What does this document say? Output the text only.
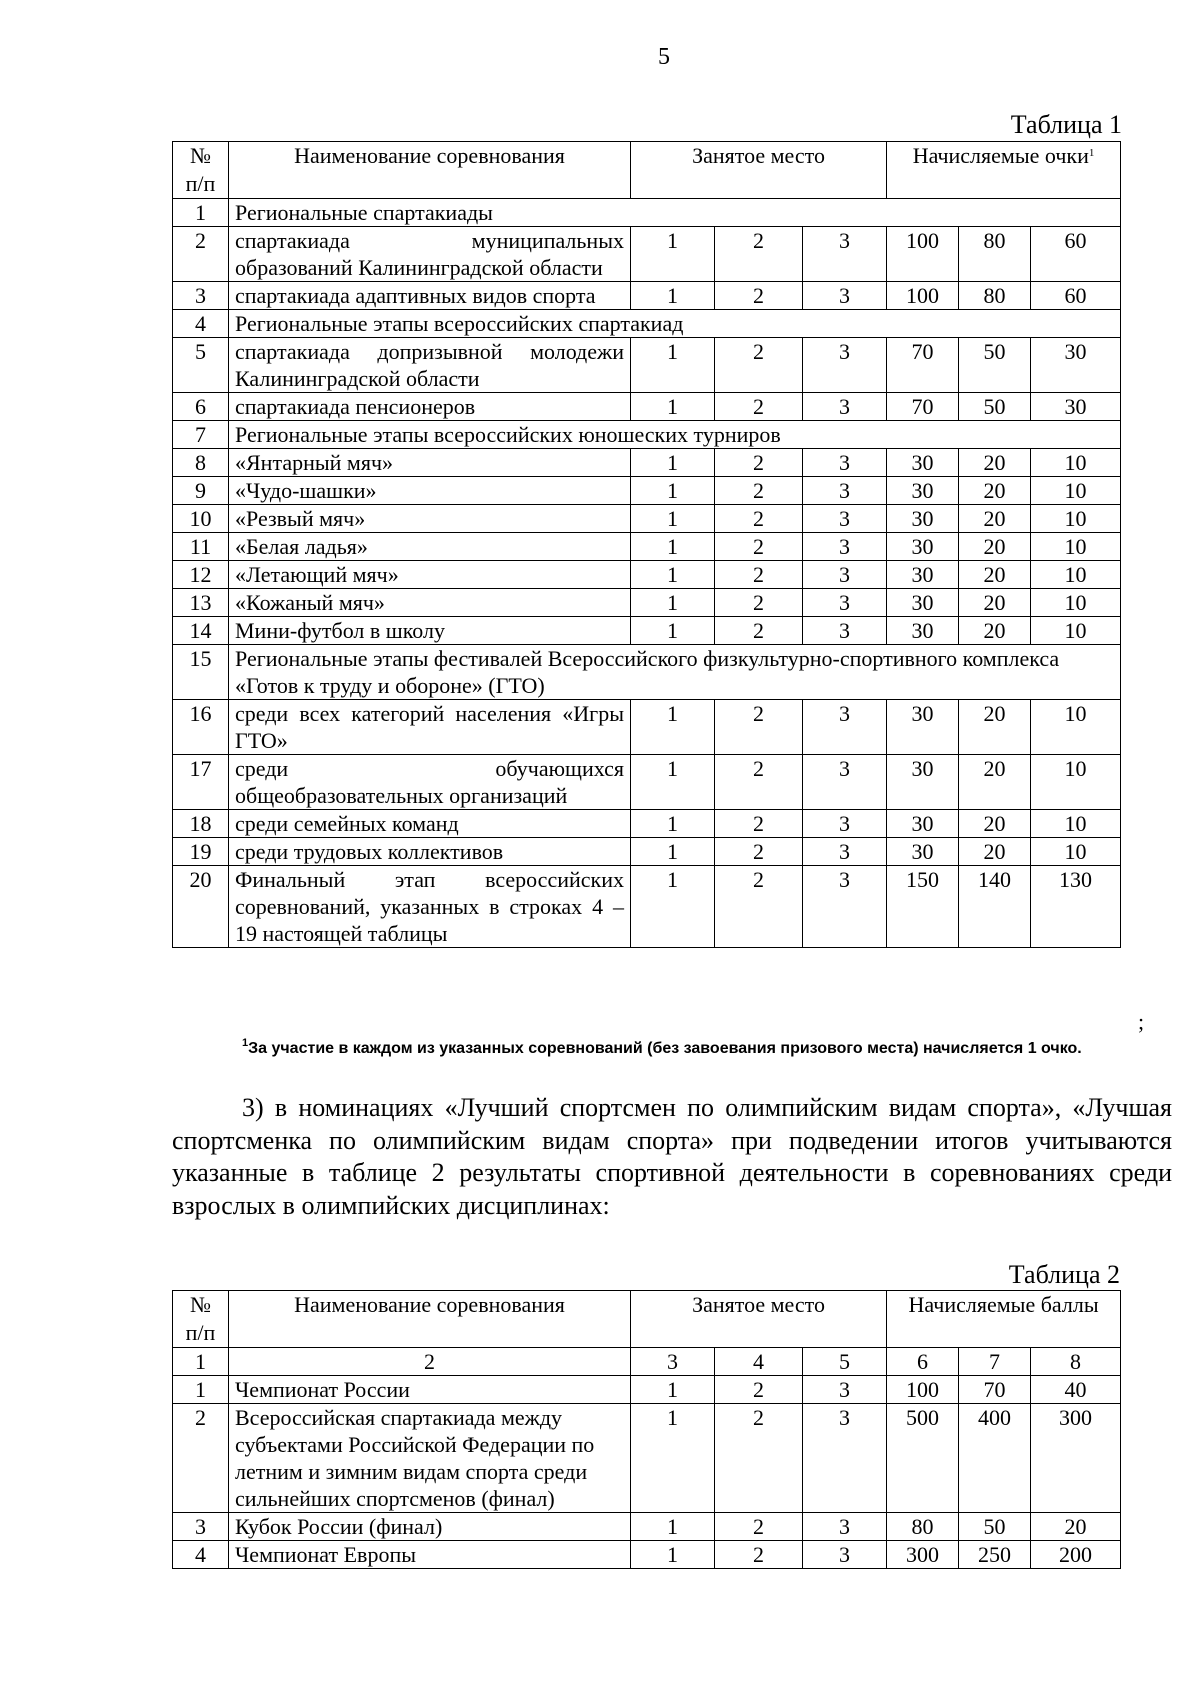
5
Таблица 1
№ п/п	Наименование соревнования	Занятое место			Начисляемые очки$^1$
1	Региональные спартакиады						
2	спартакиада муниципальных образований Калининградской области	1	2	3	100	80	60
3	спартакиада адаптивных видов спорта	1	2	3	100	80	60
4	Региональные этапы всероссийских спартакиад						
5	спартакиада допризывной молодежи Калининградской области	1	2	3	70	50	30
6	спартакиада пенсионеров	1	2	3	70	50	30
7	Региональные этапы всероссийских юношеских турниров						
8	«Янтарный мяч»	1	2	3	30	20	10
9	«Чудо-шашки»	1	2	3	30	20	10
10	«Резвый мяч»	1	2	3	30	20	10
11	«Белая ладья»	1	2	3	30	20	10
12	«Летающий мяч»	1	2	3	30	20	10
13	«Кожаный мяч»	1	2	3	30	20	10
14	Мини-футбол в школу	1	2	3	30	20	10
15	Региональные этапы фестивалей Всероссийского физкультурно-спортивного комплекса «Готов к труду и обороне» (ГТО)						
16	среди всех категорий населения «Игры ГТО»	1	2	3	30	20	10
17	среди обучающихся общеобразовательных организаций	1	2	3	30	20	10
18	среди семейных команд	1	2	3	30	20	10
19	среди трудовых коллективов	1	2	3	30	20	10
20	Финальный этап всероссийских соревнований, указанных в строках 4 – 19 настоящей таблицы	1	2	3	150	140	130
;
$^1$За участие в каждом из указанных соревнований (без завоевания призового места) начисляется 1 очко.

3) в номинациях «Лучший спортсмен по олимпийским видам спорта», «Лучшая спортсменка по олимпийским видам спорта» при подведении итогов учитываются указанные в таблице 2 результаты спортивной деятельности в соревнованиях среди взрослых в олимпийских дисциплинах:

Таблица 2
№ п/п	Наименование соревнования	Занятое место			Начисляемые баллы		
1	2	3	4	5	6	7	8
1	Чемпионат России	1	2	3	100	70	40
2	Всероссийская спартакиада между субъектами Российской Федерации по летним и зимним видам спорта среди сильнейших спортсменов (финал)	1	2	3	500	400	300
3	Кубок России (финал)	1	2	3	80	50	20
4	Чемпионат Европы	1	2	3	300	250	200
